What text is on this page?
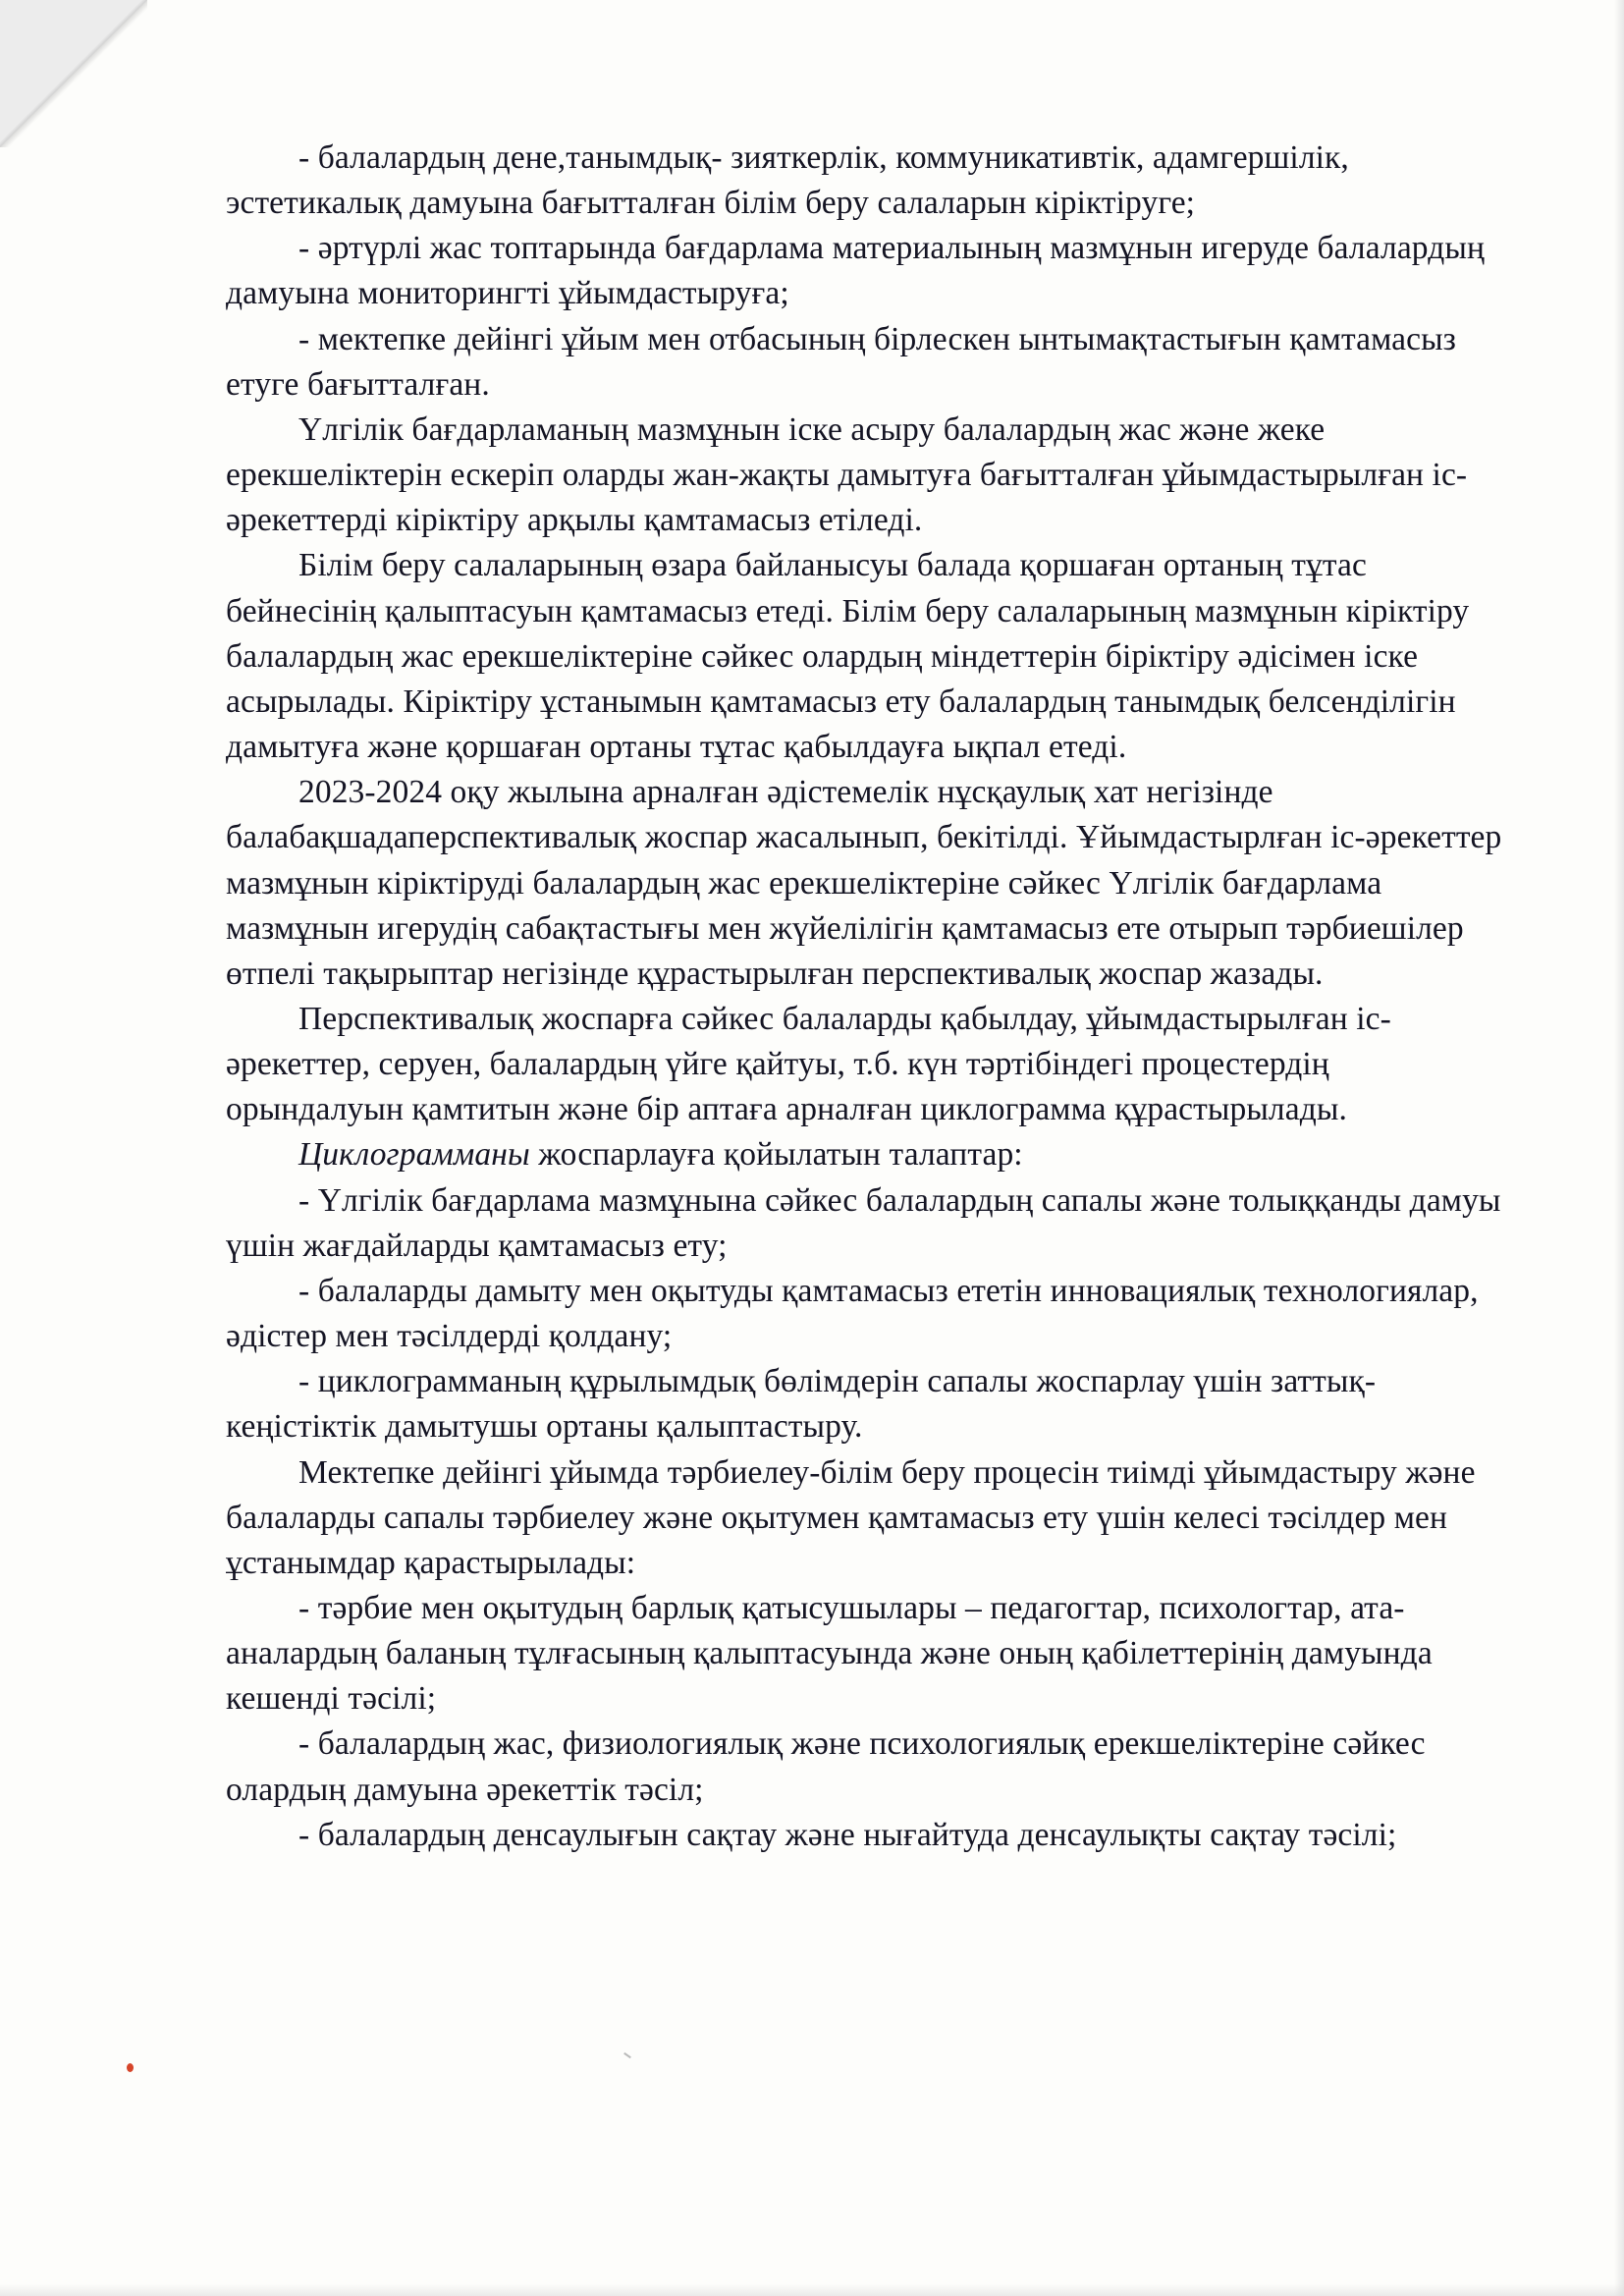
- балалардың дене,танымдық- зияткерлік, коммуникативтік, адамгершілік, эстетикалық дамуына бағытталған білім беру салаларын кіріктіруге;

- әртүрлі жас топтарында бағдарлама материалының мазмұнын игеруде балалардың дамуына мониторингті ұйымдастыруға;

- мектепке дейінгі ұйым мен отбасының бірлескен ынтымақтастығын қамтамасыз етуге бағытталған.

Үлгілік бағдарламаның мазмұнын іске асыру балалардың жас және жеке ерекшеліктерін ескеріп оларды жан-жақты дамытуға бағытталған ұйымдастырылған іс-әрекеттерді кіріктіру арқылы қамтамасыз етіледі.

Білім беру салаларының өзара байланысуы балада қоршаған ортаның тұтас бейнесінің қалыптасуын қамтамасыз етеді. Білім беру салаларының мазмұнын кіріктіру балалардың жас ерекшеліктеріне сәйкес олардың міндеттерін біріктіру әдісімен іске асырылады. Кіріктіру ұстанымын қамтамасыз ету балалардың танымдық белсенділігін дамытуға және қоршаған ортаны тұтас қабылдауға ықпал етеді.

2023-2024 оқу жылына арналған әдістемелік нұсқаулық хат негізінде балабақшадаперспективалық жоспар жасалынып, бекітілді. Ұйымдастырлған іс-әрекеттер мазмұнын кіріктіруді балалардың жас ерекшеліктеріне сәйкес Үлгілік бағдарлама мазмұнын игерудің сабақтастығы мен жүйелілігін қамтамасыз ете отырып тәрбиешілер өтпелі тақырыптар негізінде құрастырылған перспективалық жоспар жазады.

Перспективалық жоспарға сәйкес балаларды қабылдау, ұйымдастырылған іс-әрекеттер, серуен, балалардың үйге қайтуы, т.б. күн тәртібіндегі процестердің орындалуын қамтитын және бір аптаға арналған циклограмма құрастырылады.

Циклограмманы жоспарлауға қойылатын талаптар:

- Үлгілік бағдарлама мазмұнына сәйкес балалардың сапалы және толыққанды дамуы үшін жағдайларды қамтамасыз ету;

- балаларды дамыту мен оқытуды қамтамасыз ететін инновациялық технологиялар, әдістер мен тәсілдерді қолдану;

- циклограмманың құрылымдық бөлімдерін сапалы жоспарлау үшін заттық-кеңістіктік дамытушы ортаны қалыптастыру.

Мектепке дейінгі ұйымда тәрбиелеу-білім беру процесін тиімді ұйымдастыру және балаларды сапалы тәрбиелеу және оқытумен қамтамасыз ету үшін келесі тәсілдер мен ұстанымдар қарастырылады:

- тәрбие мен оқытудың барлық қатысушылары – педагогтар, психологтар, ата-аналардың баланың тұлғасының қалыптасуында және оның қабілеттерінің дамуында кешенді тәсілі;

- балалардың жас, физиологиялық және психологиялық ерекшеліктеріне сәйкес олардың дамуына әрекеттік тәсіл;

- балалардың денсаулығын сақтау және нығайтуда денсаулықты сақтау тәсілі;
